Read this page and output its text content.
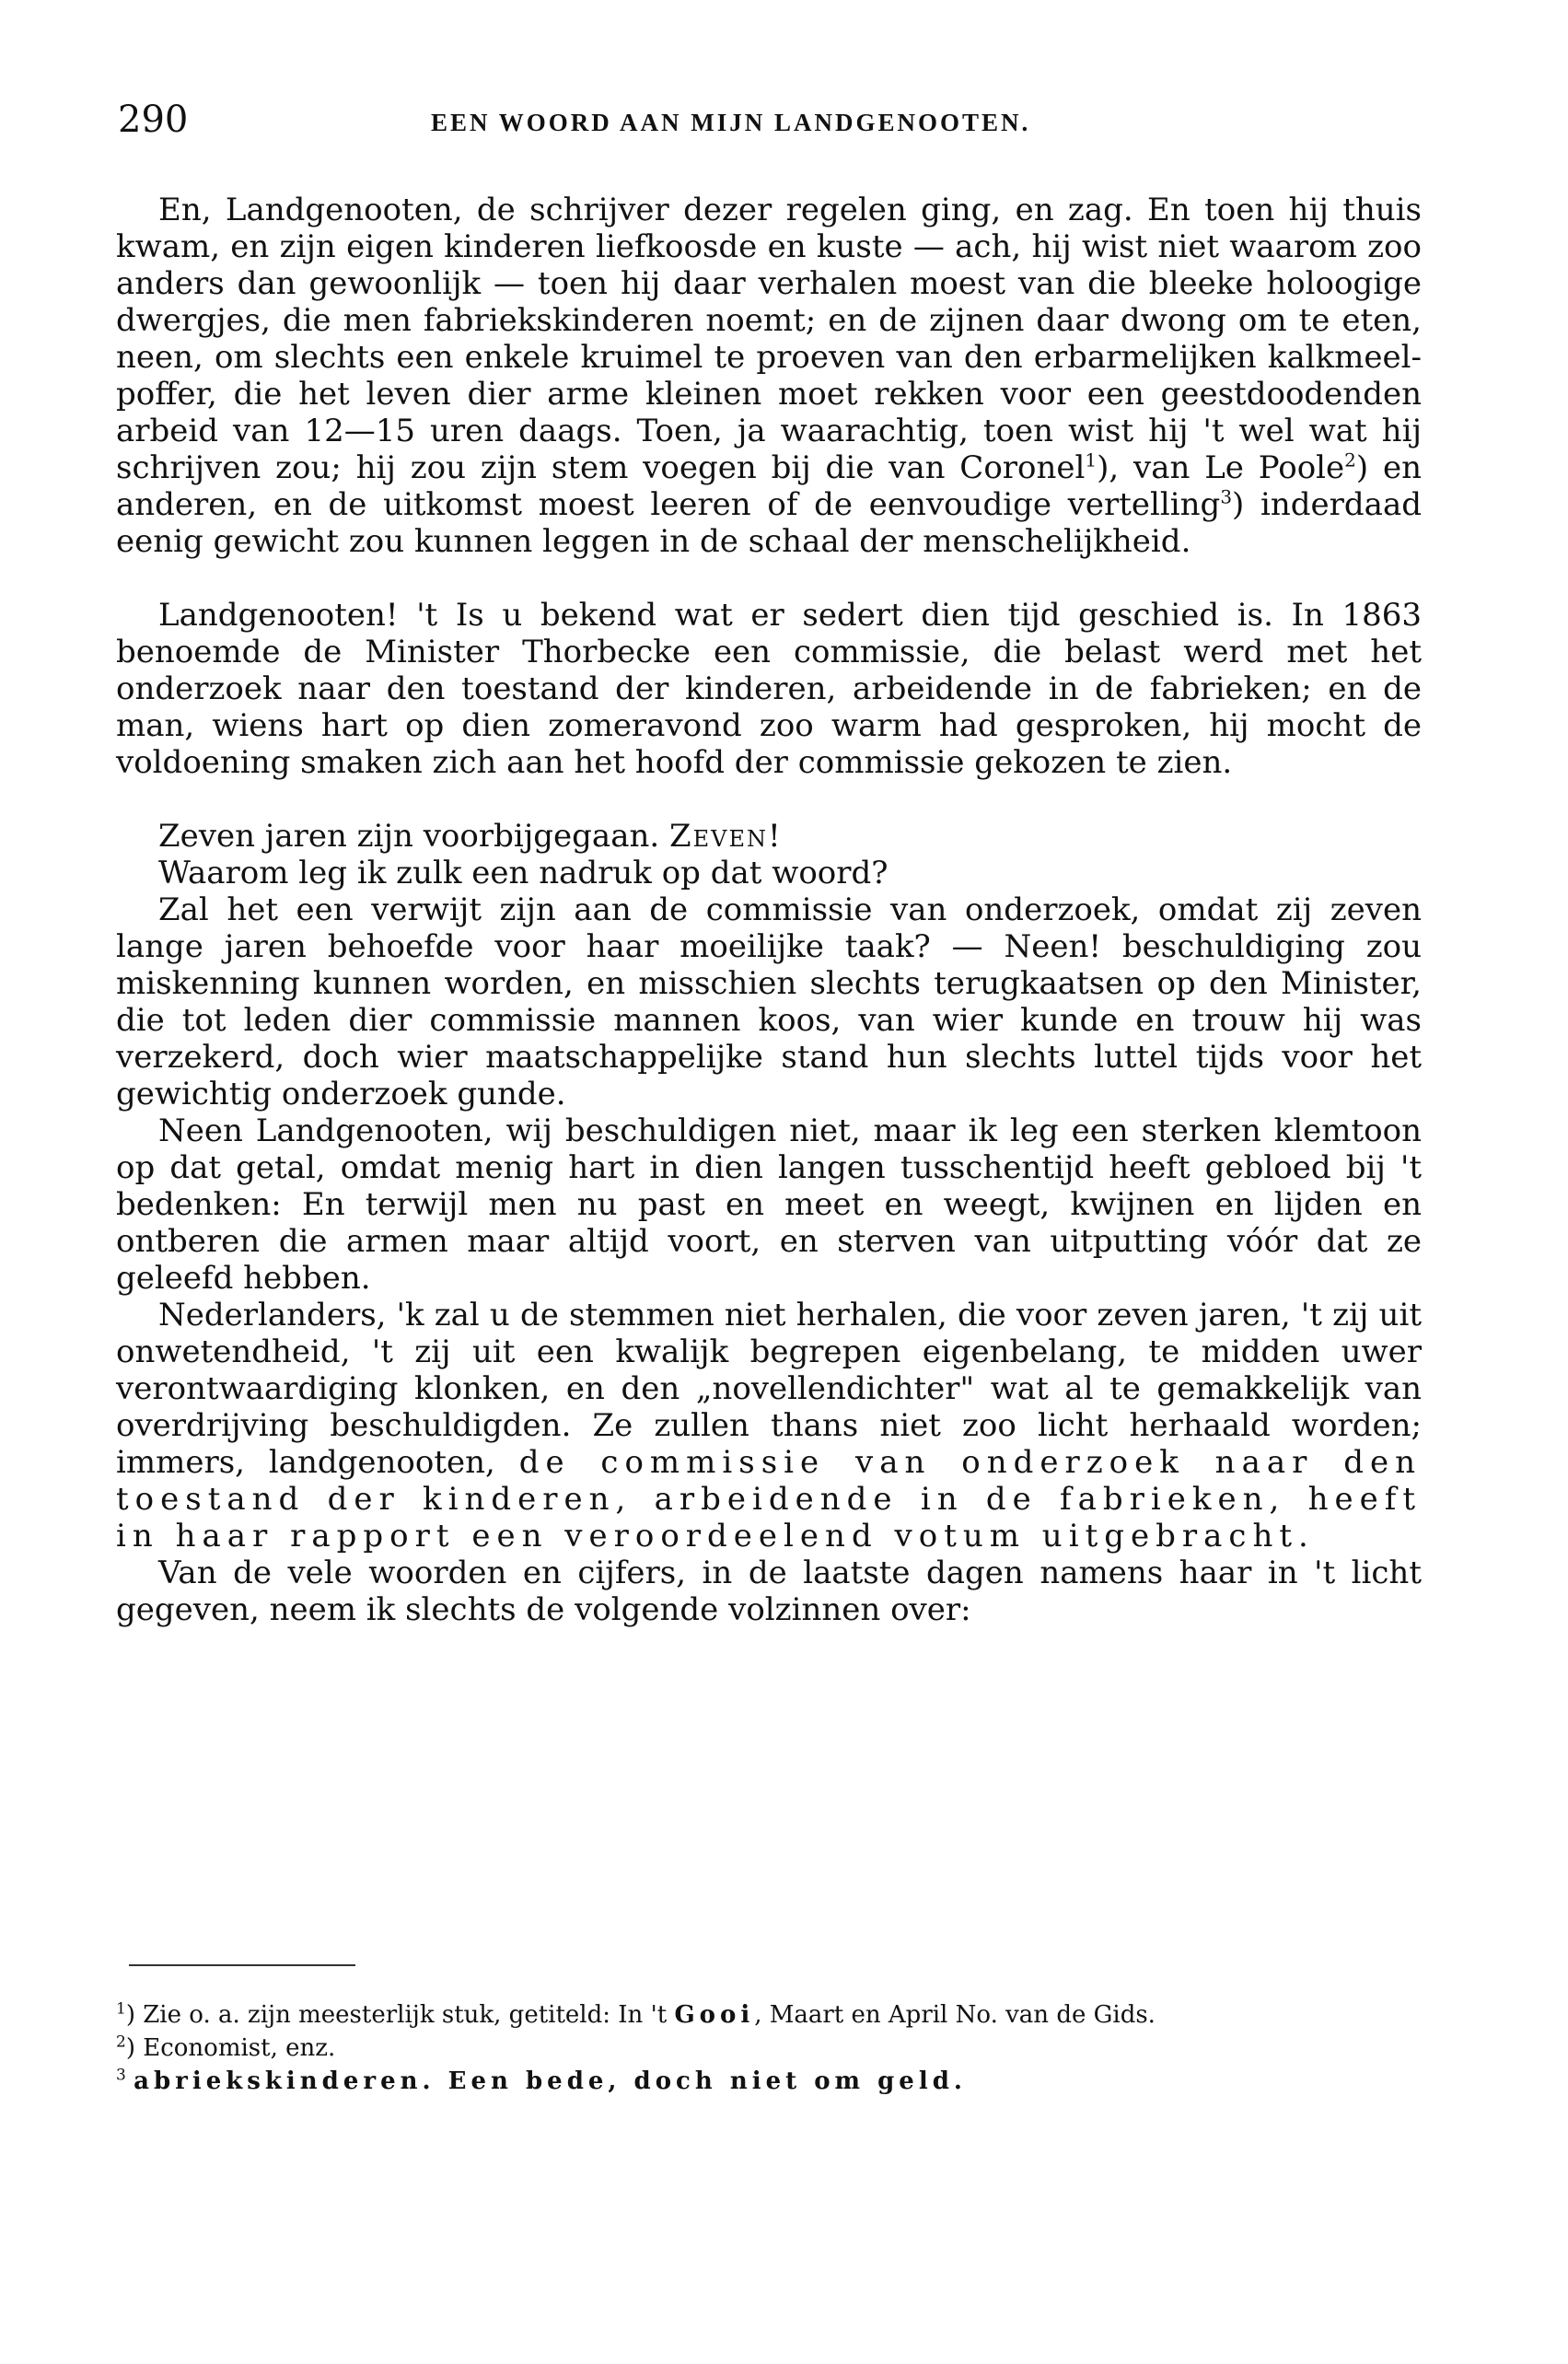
290	EEN WOORD AAN MIJN LANDGENOOTEN.

En, Landgenooten, de schrijver dezer regelen ging, en zag. En toen hij thuis kwam, en zijn eigen kinderen liefkoosde en kuste — ach, hij wist niet waarom zoo anders dan gewoonlijk — toen hij daar verhalen moest van die bleeke holoogige dwergjes, die men fabriekskinderen noemt; en de zijnen daar dwong om te eten, neen, om slechts een enkele kruimel te proeven van den erbarmelijken kalkmeel-poffer, die het leven dier arme kleinen moet rekken voor een geestdoodenden arbeid van 12—15 uren daags. Toen, ja waarachtig, toen wist hij 't wel wat hij schrijven zou; hij zou zijn stem voegen bij die van Coronel$^1$), van Le Poole$^2$) en anderen, en de uitkomst moest leeren of de eenvoudige vertelling$^3$) inderdaad eenig gewicht zou kunnen leggen in de schaal der menschelijkheid.

Landgenooten! 't Is u bekend wat er sedert dien tijd geschied is. In 1863 benoemde de Minister Thorbecke een commissie, die belast werd met het onderzoek naar den toestand der kinderen, arbeidende in de fabrieken; en de man, wiens hart op dien zomeravond zoo warm had gesproken, hij mocht de voldoening smaken zich aan het hoofd der commissie gekozen te zien.

Zeven jaren zijn voorbijgegaan. Zeven!

Waarom leg ik zulk een nadruk op dat woord?

Zal het een verwijt zijn aan de commissie van onderzoek, omdat zij zeven lange jaren behoefde voor haar moeilijke taak? — Neen! beschuldiging zou miskenning kunnen worden, en misschien slechts terugkaatsen op den Minister, die tot leden dier commissie mannen koos, van wier kunde en trouw hij was verzekerd, doch wier maatschappelijke stand hun slechts luttel tijds voor het gewichtig onderzoek gunde.

Neen Landgenooten, wij beschuldigen niet, maar ik leg een sterken klemtoon op dat getal, omdat menig hart in dien langen tusschentijd heeft gebloed bij 't bedenken: En terwijl men nu past en meet en weegt, kwijnen en lijden en ontberen die armen maar altijd voort, en sterven van uitputting vóór dat ze geleefd hebben.

Nederlanders, 'k zal u de stemmen niet herhalen, die voor zeven jaren, 't zij uit onwetendheid, 't zij uit een kwalijk begrepen eigenbelang, te midden uwer verontwaardiging klonken, en den „novellendichter" wat al te gemakkelijk van overdrijving beschuldigden. Ze zullen thans niet zoo licht herhaald worden; immers, landgenooten, de commissie van onderzoek naar den toestand der kinderen, arbeidende in de fabrieken, heeft in haar rapport een veroordeelend votum uitgebracht.

Van de vele woorden en cijfers, in de laatste dagen namens haar in 't licht gegeven, neem ik slechts de volgende volzinnen over:

$^1$) Zie o. a. zijn meesterlijk stuk, getiteld: In 't Gooi, Maart en April No. van de Gids.

$^2$) Economist, enz.

$^3$ abriekskinderen. Een bede, doch niet om geld.
